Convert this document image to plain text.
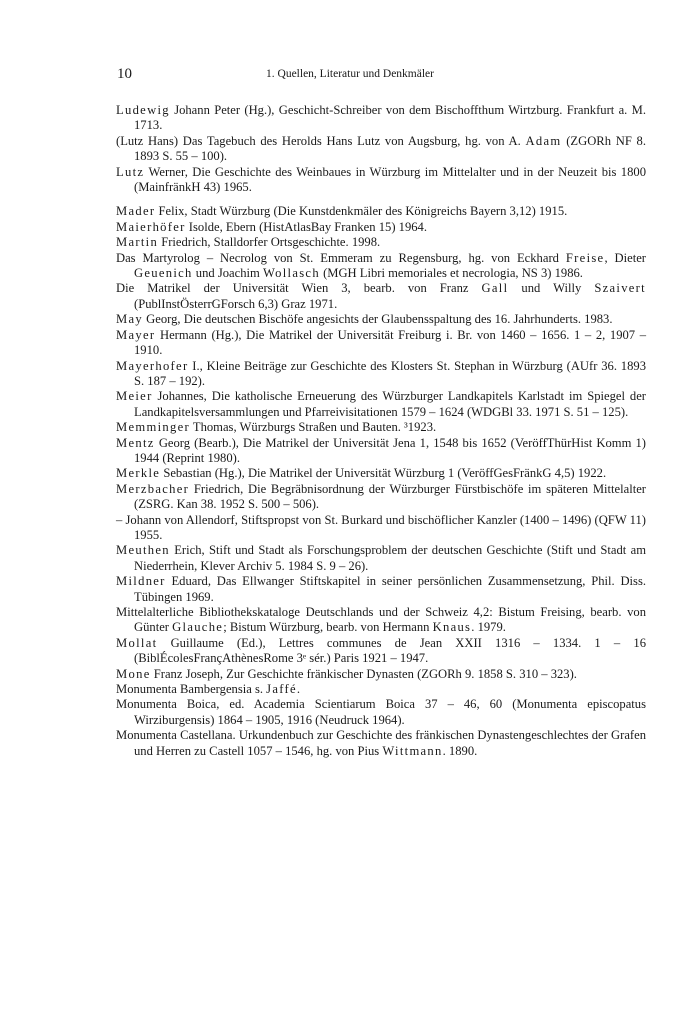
10	1. Quellen, Literatur und Denkmäler

Ludewig Johann Peter (Hg.), Geschicht-Schreiber von dem Bischoffthum Wirtzburg. Frankfurt a. M. 1713.

(Lutz Hans) Das Tagebuch des Herolds Hans Lutz von Augsburg, hg. von A. Adam (ZGORh NF 8. 1893 S. 55 – 100).

Lutz Werner, Die Geschichte des Weinbaues in Würzburg im Mittelalter und in der Neuzeit bis 1800 (MainfränkH 43) 1965.

Mader Felix, Stadt Würzburg (Die Kunstdenkmäler des Königreichs Bayern 3,12) 1915.

Maierhöfer Isolde, Ebern (HistAtlasBay Franken 15) 1964.

Martin Friedrich, Stalldorfer Ortsgeschichte. 1998.

Das Martyrolog – Necrolog von St. Emmeram zu Regensburg, hg. von Eckhard Freise, Dieter Geuenich und Joachim Wollasch (MGH Libri memoriales et necrologia, NS 3) 1986.

Die Matrikel der Universität Wien 3, bearb. von Franz Gall und Willy Szaivert (PublInstÖsterrGForsch 6,3) Graz 1971.

May Georg, Die deutschen Bischöfe angesichts der Glaubensspaltung des 16. Jahrhunderts. 1983.

Mayer Hermann (Hg.), Die Matrikel der Universität Freiburg i. Br. von 1460 – 1656. 1 – 2, 1907 – 1910.

Mayerhofer I., Kleine Beiträge zur Geschichte des Klosters St. Stephan in Würzburg (AUfr 36. 1893 S. 187 – 192).

Meier Johannes, Die katholische Erneuerung des Würzburger Landkapitels Karlstadt im Spiegel der Landkapitelsversammlungen und Pfarreivisitationen 1579 – 1624 (WDGBl 33. 1971 S. 51 – 125).

Memminger Thomas, Würzburgs Straßen und Bauten. ³1923.

Mentz Georg (Bearb.), Die Matrikel der Universität Jena 1, 1548 bis 1652 (VeröffThürHist Komm 1) 1944 (Reprint 1980).

Merkle Sebastian (Hg.), Die Matrikel der Universität Würzburg 1 (VeröffGesFränkG 4,5) 1922.

Merzbacher Friedrich, Die Begräbnisordnung der Würzburger Fürstbischöfe im späteren Mittelalter (ZSRG. Kan 38. 1952 S. 500 – 506).

– Johann von Allendorf, Stiftspropst von St. Burkard und bischöflicher Kanzler (1400 – 1496) (QFW 11) 1955.

Meuthen Erich, Stift und Stadt als Forschungsproblem der deutschen Geschichte (Stift und Stadt am Niederrhein, Klever Archiv 5. 1984 S. 9 – 26).

Mildner Eduard, Das Ellwanger Stiftskapitel in seiner persönlichen Zusammensetzung, Phil. Diss. Tübingen 1969.

Mittelalterliche Bibliothekskataloge Deutschlands und der Schweiz 4,2: Bistum Freising, bearb. von Günter Glauche; Bistum Würzburg, bearb. von Hermann Knaus. 1979.

Mollat Guillaume (Ed.), Lettres communes de Jean XXII 1316 – 1334. 1 – 16 (BiblÉcolesFrançAthènesRome 3ᵉ sér.) Paris 1921 – 1947.

Mone Franz Joseph, Zur Geschichte fränkischer Dynasten (ZGORh 9. 1858 S. 310 – 323).

Monumenta Bambergensia s. Jaffé.

Monumenta Boica, ed. Academia Scientiarum Boica 37 – 46, 60 (Monumenta episcopatus Wirziburgensis) 1864 – 1905, 1916 (Neudruck 1964).

Monumenta Castellana. Urkundenbuch zur Geschichte des fränkischen Dynastengeschlechtes der Grafen und Herren zu Castell 1057 – 1546, hg. von Pius Wittmann. 1890.
